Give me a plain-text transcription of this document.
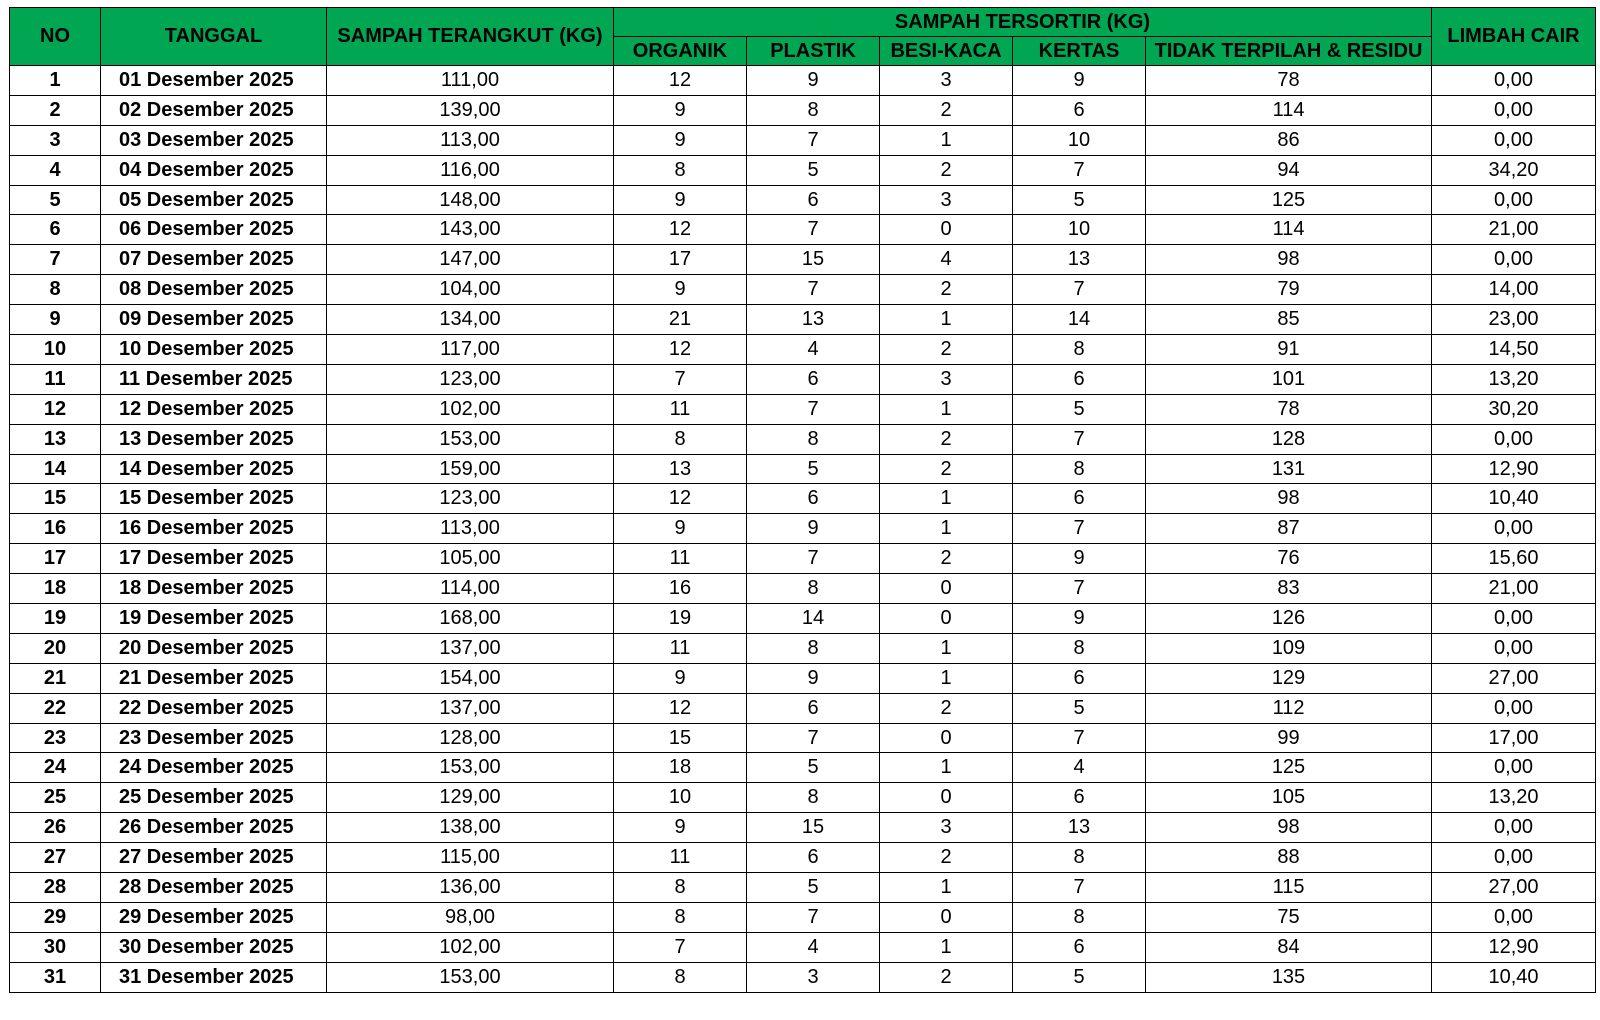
NO	TANGGAL	SAMPAH TERANGKUT (KG)	SAMPAH TERSORTIR (KG)					LIMBAH CAIR
			ORGANIK	PLASTIK	BESI-KACA	KERTAS	TIDAK TERPILAH & RESIDU	
1	01 Desember 2025	111,00	12	9	3	9	78	0,00
2	02 Desember 2025	139,00	9	8	2	6	114	0,00
3	03 Desember 2025	113,00	9	7	1	10	86	0,00
4	04 Desember 2025	116,00	8	5	2	7	94	34,20
5	05 Desember 2025	148,00	9	6	3	5	125	0,00
6	06 Desember 2025	143,00	12	7	0	10	114	21,00
7	07 Desember 2025	147,00	17	15	4	13	98	0,00
8	08 Desember 2025	104,00	9	7	2	7	79	14,00
9	09 Desember 2025	134,00	21	13	1	14	85	23,00
10	10 Desember 2025	117,00	12	4	2	8	91	14,50
11	11 Desember 2025	123,00	7	6	3	6	101	13,20
12	12 Desember 2025	102,00	11	7	1	5	78	30,20
13	13 Desember 2025	153,00	8	8	2	7	128	0,00
14	14 Desember 2025	159,00	13	5	2	8	131	12,90
15	15 Desember 2025	123,00	12	6	1	6	98	10,40
16	16 Desember 2025	113,00	9	9	1	7	87	0,00
17	17 Desember 2025	105,00	11	7	2	9	76	15,60
18	18 Desember 2025	114,00	16	8	0	7	83	21,00
19	19 Desember 2025	168,00	19	14	0	9	126	0,00
20	20 Desember 2025	137,00	11	8	1	8	109	0,00
21	21 Desember 2025	154,00	9	9	1	6	129	27,00
22	22 Desember 2025	137,00	12	6	2	5	112	0,00
23	23 Desember 2025	128,00	15	7	0	7	99	17,00
24	24 Desember 2025	153,00	18	5	1	4	125	0,00
25	25 Desember 2025	129,00	10	8	0	6	105	13,20
26	26 Desember 2025	138,00	9	15	3	13	98	0,00
27	27 Desember 2025	115,00	11	6	2	8	88	0,00
28	28 Desember 2025	136,00	8	5	1	7	115	27,00
29	29 Desember 2025	98,00	8	7	0	8	75	0,00
30	30 Desember 2025	102,00	7	4	1	6	84	12,90
31	31 Desember 2025	153,00	8	3	2	5	135	10,40
